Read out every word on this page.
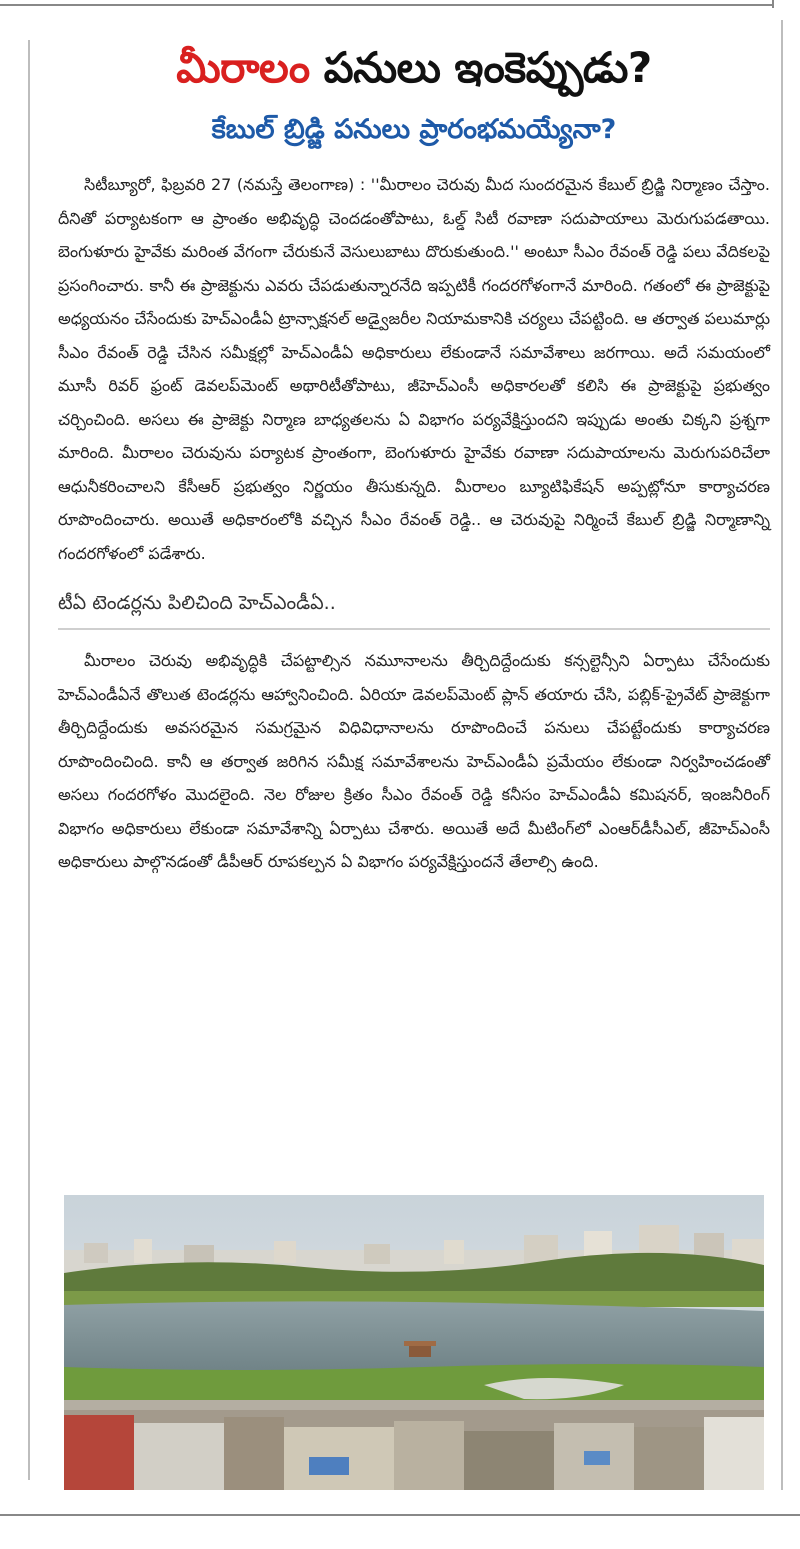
మీరాలం పనులు ఇంకెప్పుడు?
కేబుల్ బ్రిడ్జి పనులు ప్రారంభమయ్యేనా?

సిటీబ్యూరో, ఫిబ్రవరి 27 (నమస్తే తెలంగాణ) : ''మీరాలం చెరువు మీద సుందరమైన కేబుల్ బ్రిడ్జి నిర్మాణం చేస్తాం. దీనితో పర్యాటకంగా ఆ ప్రాంతం అభివృద్ధి చెందడంతోపాటు, ఓల్డ్ సిటీ రవాణా సదుపాయాలు మెరుగుపడతాయి. బెంగుళూరు హైవేకు మరింత వేగంగా చేరుకునే వెసులుబాటు దొరుకుతుంది.'' అంటూ సీఎం రేవంత్ రెడ్డి పలు వేదికలపై ప్రసంగించారు. కానీ ఈ ప్రాజెక్టును ఎవరు చేపడుతున్నారనేది ఇప్పటికీ గందరగోళంగానే మారింది. గతంలో ఈ ప్రాజెక్టుపై అధ్యయనం చేసేందుకు హెచ్ఎండీఏ ట్రాన్సాక్షనల్ అడ్వైజరీల నియామకానికి చర్యలు చేపట్టింది. ఆ తర్వాత పలుమార్లు సీఎం రేవంత్ రెడ్డి చేసిన సమీక్షల్లో హెచ్ఎండీఏ అధికారులు లేకుండానే సమావేశాలు జరగాయి. అదే సమయంలో మూసీ రివర్ ఫ్రంట్ డెవలప్‌మెంట్ అథారిటీతోపాటు, జీహెచ్ఎంసీ అధికారలతో కలిసి ఈ ప్రాజెక్టుపై ప్రభుత్వం చర్చించింది. అసలు ఈ ప్రాజెక్టు నిర్మాణ బాధ్యతలను ఏ విభాగం పర్యవేక్షిస్తుందని ఇప్పుడు అంతు చిక్కని ప్రశ్నగా మారింది. మీరాలం చెరువును పర్యాటక ప్రాంతంగా, బెంగుళూరు హైవేకు రవాణా సదుపాయాలను మెరుగుపరిచేలా ఆధునీకరించాలని కేసీఆర్ ప్రభుత్వం నిర్ణయం తీసుకున్నది. మీరాలం బ్యూటిఫికేషన్ అప్పట్లోనూ కార్యాచరణ రూపొందించారు. అయితే అధికారంలోకి వచ్చిన సీఎం రేవంత్ రెడ్డి.. ఆ చెరువుపై నిర్మించే కేబుల్ బ్రిడ్జి నిర్మాణాన్ని గందరగోళంలో పడేశారు.

టీఏ టెండర్లను పిలిచింది హెచ్ఎండీఏ..

మీరాలం చెరువు అభివృద్ధికి చేపట్టాల్సిన నమూనాలను తీర్చిదిద్దేందుకు కన్సల్టెన్సీని ఏర్పాటు చేసేందుకు హెచ్ఎండీఏనే తొలుత టెండర్లను ఆహ్వానించింది. ఏరియా డెవలప్‌మెంట్ ప్లాన్ తయారు చేసి, పబ్లిక్-ప్రైవేట్ ప్రాజెక్టుగా తీర్చిదిద్దేందుకు అవసరమైన సమగ్రమైన విధివిధానాలను రూపొందించే పనులు చేపట్టేందుకు కార్యాచరణ రూపొందించింది. కానీ ఆ తర్వాత జరిగిన సమీక్ష సమావేశాలను హెచ్ఎండీఏ ప్రమేయం లేకుండా నిర్వహించడంతో అసలు గందరగోళం మొదలైంది. నెల రోజుల క్రితం సీఎం రేవంత్ రెడ్డి కనీసం హెచ్ఎండీఏ కమిషనర్, ఇంజనీరింగ్ విభాగం అధికారులు లేకుండా సమావేశాన్ని ఏర్పాటు చేశారు. అయితే అదే మీటింగ్‌లో ఎంఆర్‌డీసీఎల్, జీహెచ్ఎంసీ అధికారులు పాల్గొనడంతో డీపీఆర్ రూపకల్పన ఏ విభాగం పర్యవేక్షిస్తుందనే తేలాల్సి ఉంది.
